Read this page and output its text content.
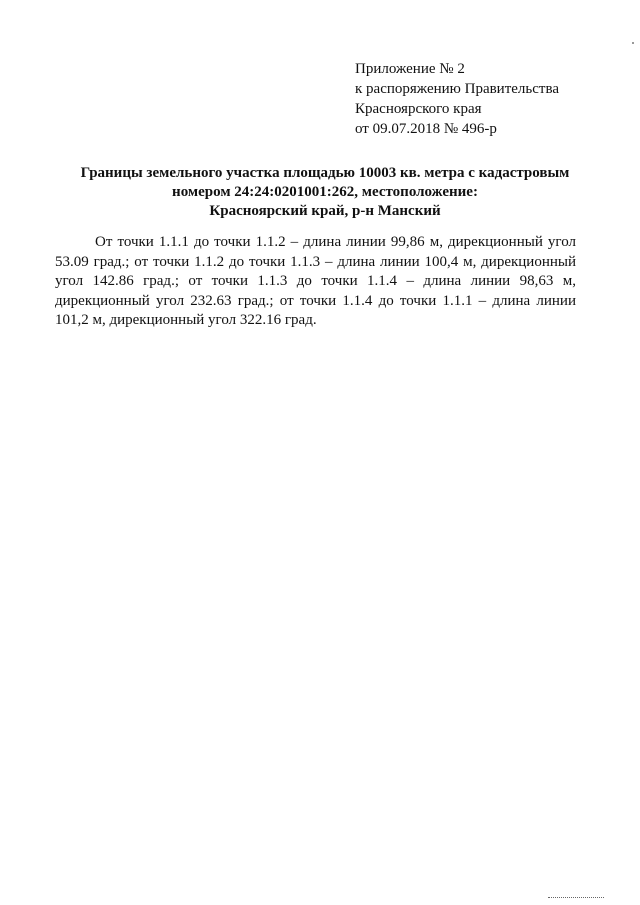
Приложение № 2
к распоряжению Правительства
Красноярского края
от 09.07.2018 № 496-р
Границы земельного участка площадью 10003 кв. метра с кадастровым
номером 24:24:0201001:262, местоположение:
Красноярский край, р-н Манский

От точки 1.1.1 до точки 1.1.2 – длина линии 99,86 м, дирекционный угол 53.09 град.; от точки 1.1.2 до точки 1.1.3 – длина линии 100,4 м, дирекционный угол 142.86 град.; от точки 1.1.3 до точки 1.1.4 – длина линии 98,63 м, дирекционный угол 232.63 град.; от точки 1.1.4 до точки 1.1.1 – длина линии 101,2 м, дирекционный угол 322.16 град.
